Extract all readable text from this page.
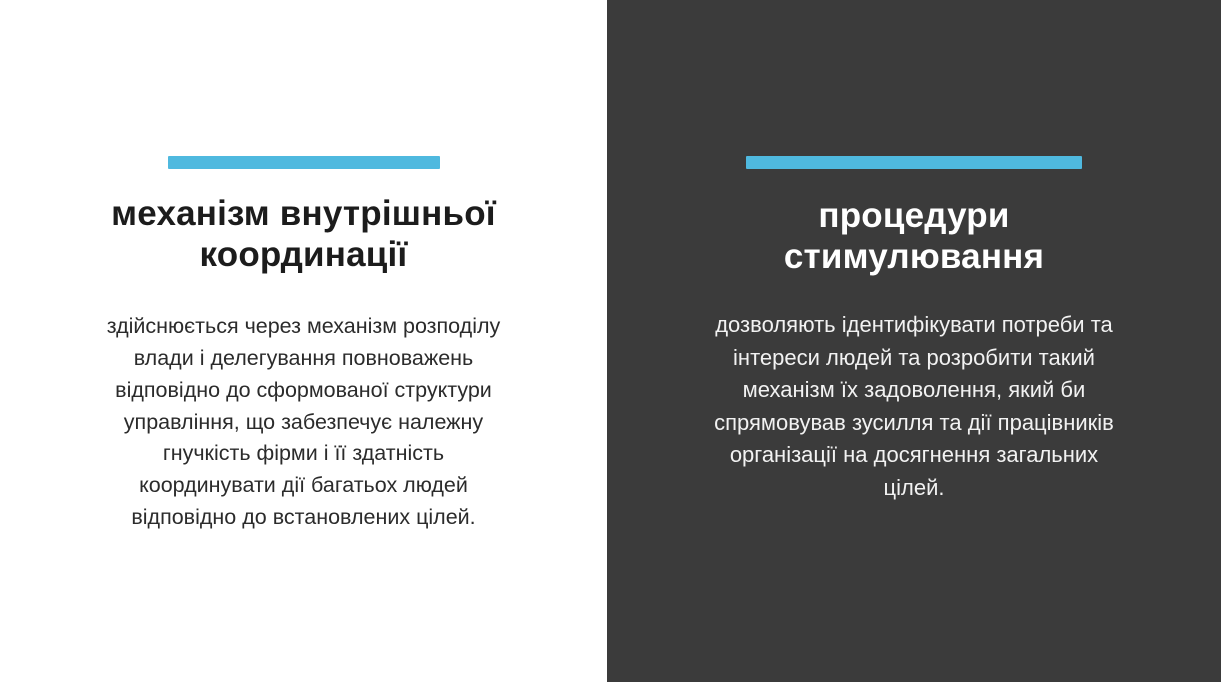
механізм внутрішньої координації
здійснюється через механізм розподілу влади і делегування повноважень відповідно до сформованої структури управління, що забезпечує належну гнучкість фірми і її здатність координувати дії багатьох людей відповідно до встановлених цілей.
процедури стимулювання
дозволяють ідентифікувати потреби та інтереси людей та розробити такий механізм їх задоволення, який би спрямовував зусилля та дії працівників організації на досягнення загальних цілей.
